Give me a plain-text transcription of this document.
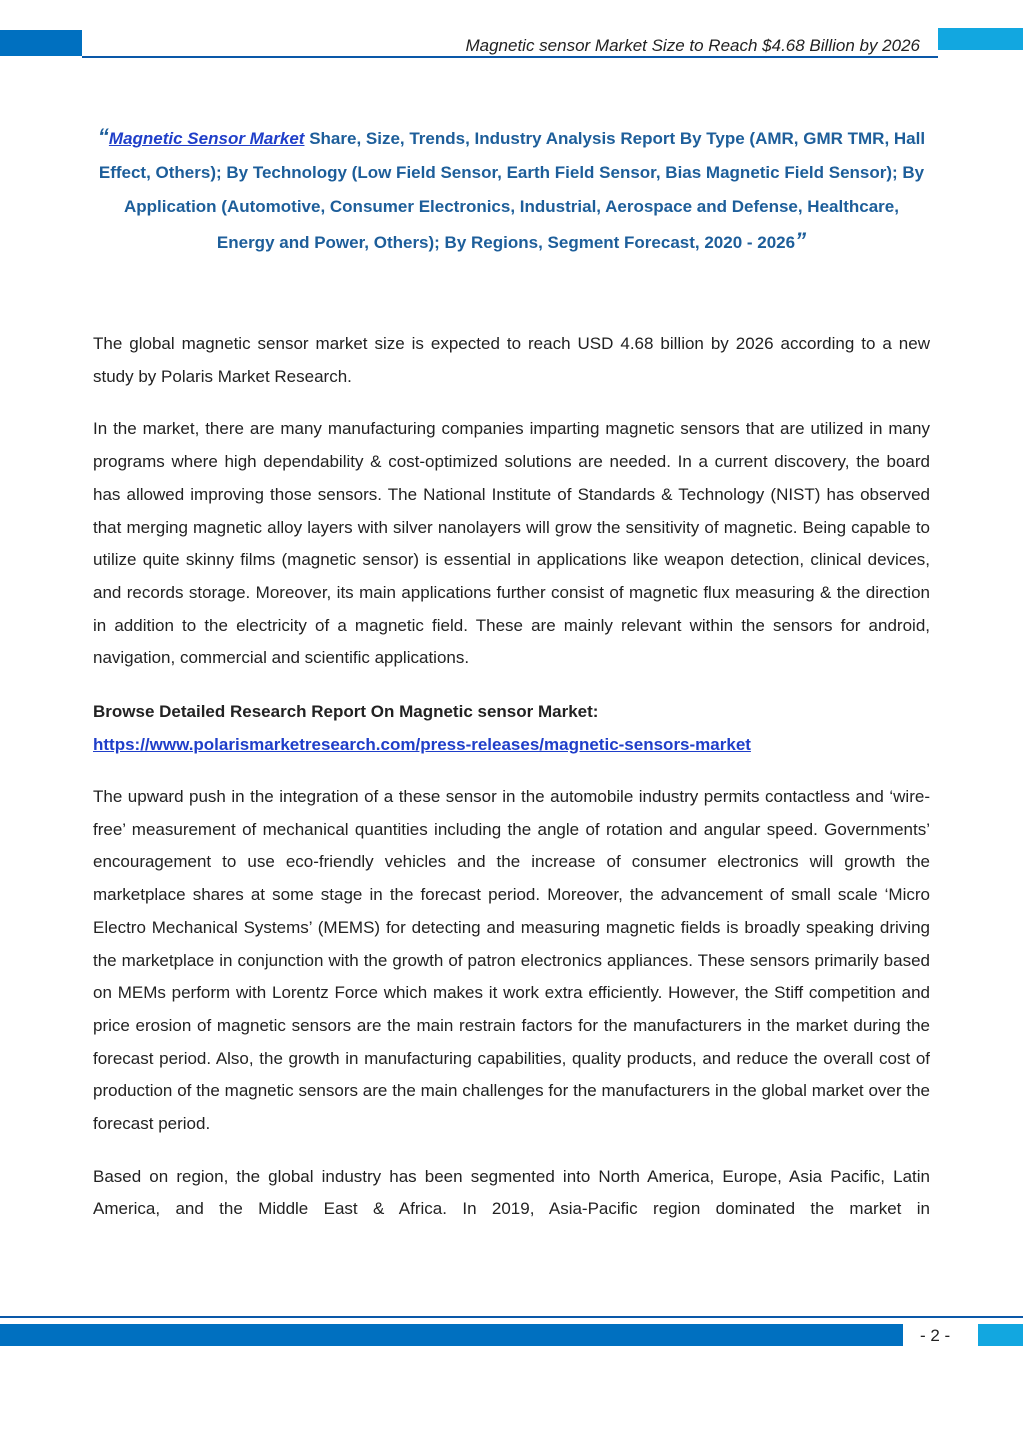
Magnetic sensor Market Size to Reach $4.68 Billion by 2026
“Magnetic Sensor Market Share, Size, Trends, Industry Analysis Report By Type (AMR, GMR TMR, Hall Effect, Others); By Technology (Low Field Sensor, Earth Field Sensor, Bias Magnetic Field Sensor); By Application (Automotive, Consumer Electronics, Industrial, Aerospace and Defense, Healthcare, Energy and Power, Others); By Regions, Segment Forecast, 2020 - 2026”

The global magnetic sensor market size is expected to reach USD 4.68 billion by 2026 according to a new study by Polaris Market Research.

In the market, there are many manufacturing companies imparting magnetic sensors that are utilized in many programs where high dependability & cost-optimized solutions are needed. In a current discovery, the board has allowed improving those sensors. The National Institute of Standards & Technology (NIST) has observed that merging magnetic alloy layers with silver nanolayers will grow the sensitivity of magnetic. Being capable to utilize quite skinny films (magnetic sensor) is essential in applications like weapon detection, clinical devices, and records storage. Moreover, its main applications further consist of magnetic flux measuring & the direction in addition to the electricity of a magnetic field. These are mainly relevant within the sensors for android, navigation, commercial and scientific applications.

Browse Detailed Research Report On Magnetic sensor Market:

https://www.polarismarketresearch.com/press-releases/magnetic-sensors-market

The upward push in the integration of a these sensor in the automobile industry permits contactless and ‘wire-free’ measurement of mechanical quantities including the angle of rotation and angular speed. Governments’ encouragement to use eco-friendly vehicles and the increase of consumer electronics will growth the marketplace shares at some stage in the forecast period. Moreover, the advancement of small scale ‘Micro Electro Mechanical Systems’ (MEMS) for detecting and measuring magnetic fields is broadly speaking driving the marketplace in conjunction with the growth of patron electronics appliances. These sensors primarily based on MEMs perform with Lorentz Force which makes it work extra efficiently. However, the Stiff competition and price erosion of magnetic sensors are the main restrain factors for the manufacturers in the market during the forecast period. Also, the growth in manufacturing capabilities, quality products, and reduce the overall cost of production of the magnetic sensors are the main challenges for the manufacturers in the global market over the forecast period.

Based on region, the global industry has been segmented into North America, Europe, Asia Pacific, Latin America, and the Middle East & Africa. In 2019, Asia-Pacific region dominated the market in

- 2 -
